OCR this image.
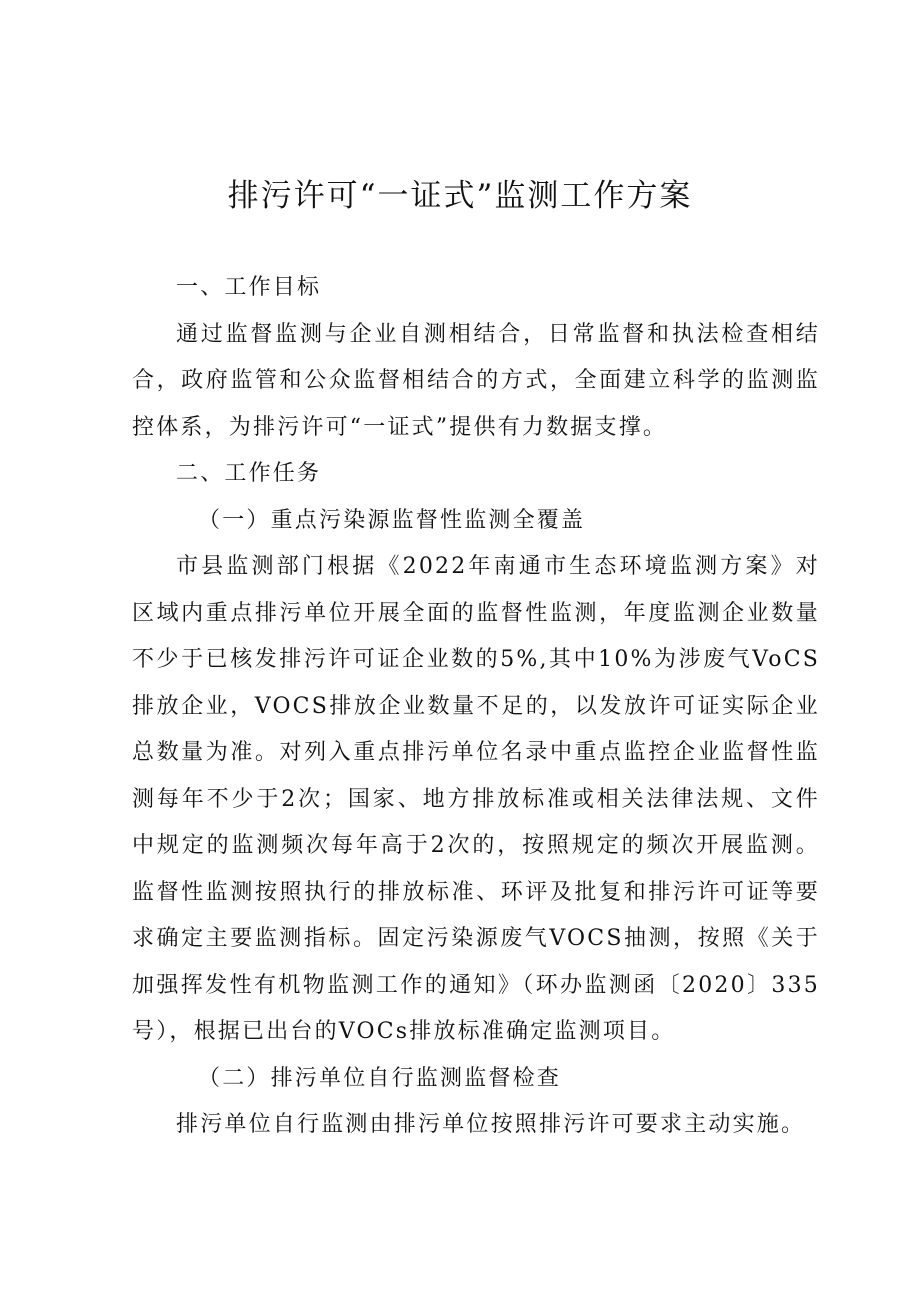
排污许可“一证式”监测工作方案

一、工作目标

通过监督监测与企业自测相结合，日常监督和执法检查相结合，政府监管和公众监督相结合的方式，全面建立科学的监测监控体系，为排污许可“一证式”提供有力数据支撑。

二、工作任务

（一）重点污染源监督性监测全覆盖

市县监测部门根据《2022年南通市生态环境监测方案》对区域内重点排污单位开展全面的监督性监测，年度监测企业数量不少于已核发排污许可证企业数的5%,其中10%为涉废气VoCS排放企业，VOCS排放企业数量不足的，以发放许可证实际企业总数量为准。对列入重点排污单位名录中重点监控企业监督性监测每年不少于2次；国家、地方排放标准或相关法律法规、文件中规定的监测频次每年高于2次的，按照规定的频次开展监测。监督性监测按照执行的排放标准、环评及批复和排污许可证等要求确定主要监测指标。固定污染源废气VOCS抽测，按照《关于加强挥发性有机物监测工作的通知》（环办监测函〔2020〕335号），根据已出台的VOCs排放标准确定监测项目。

（二）排污单位自行监测监督检查

排污单位自行监测由排污单位按照排污许可要求主动实施。
